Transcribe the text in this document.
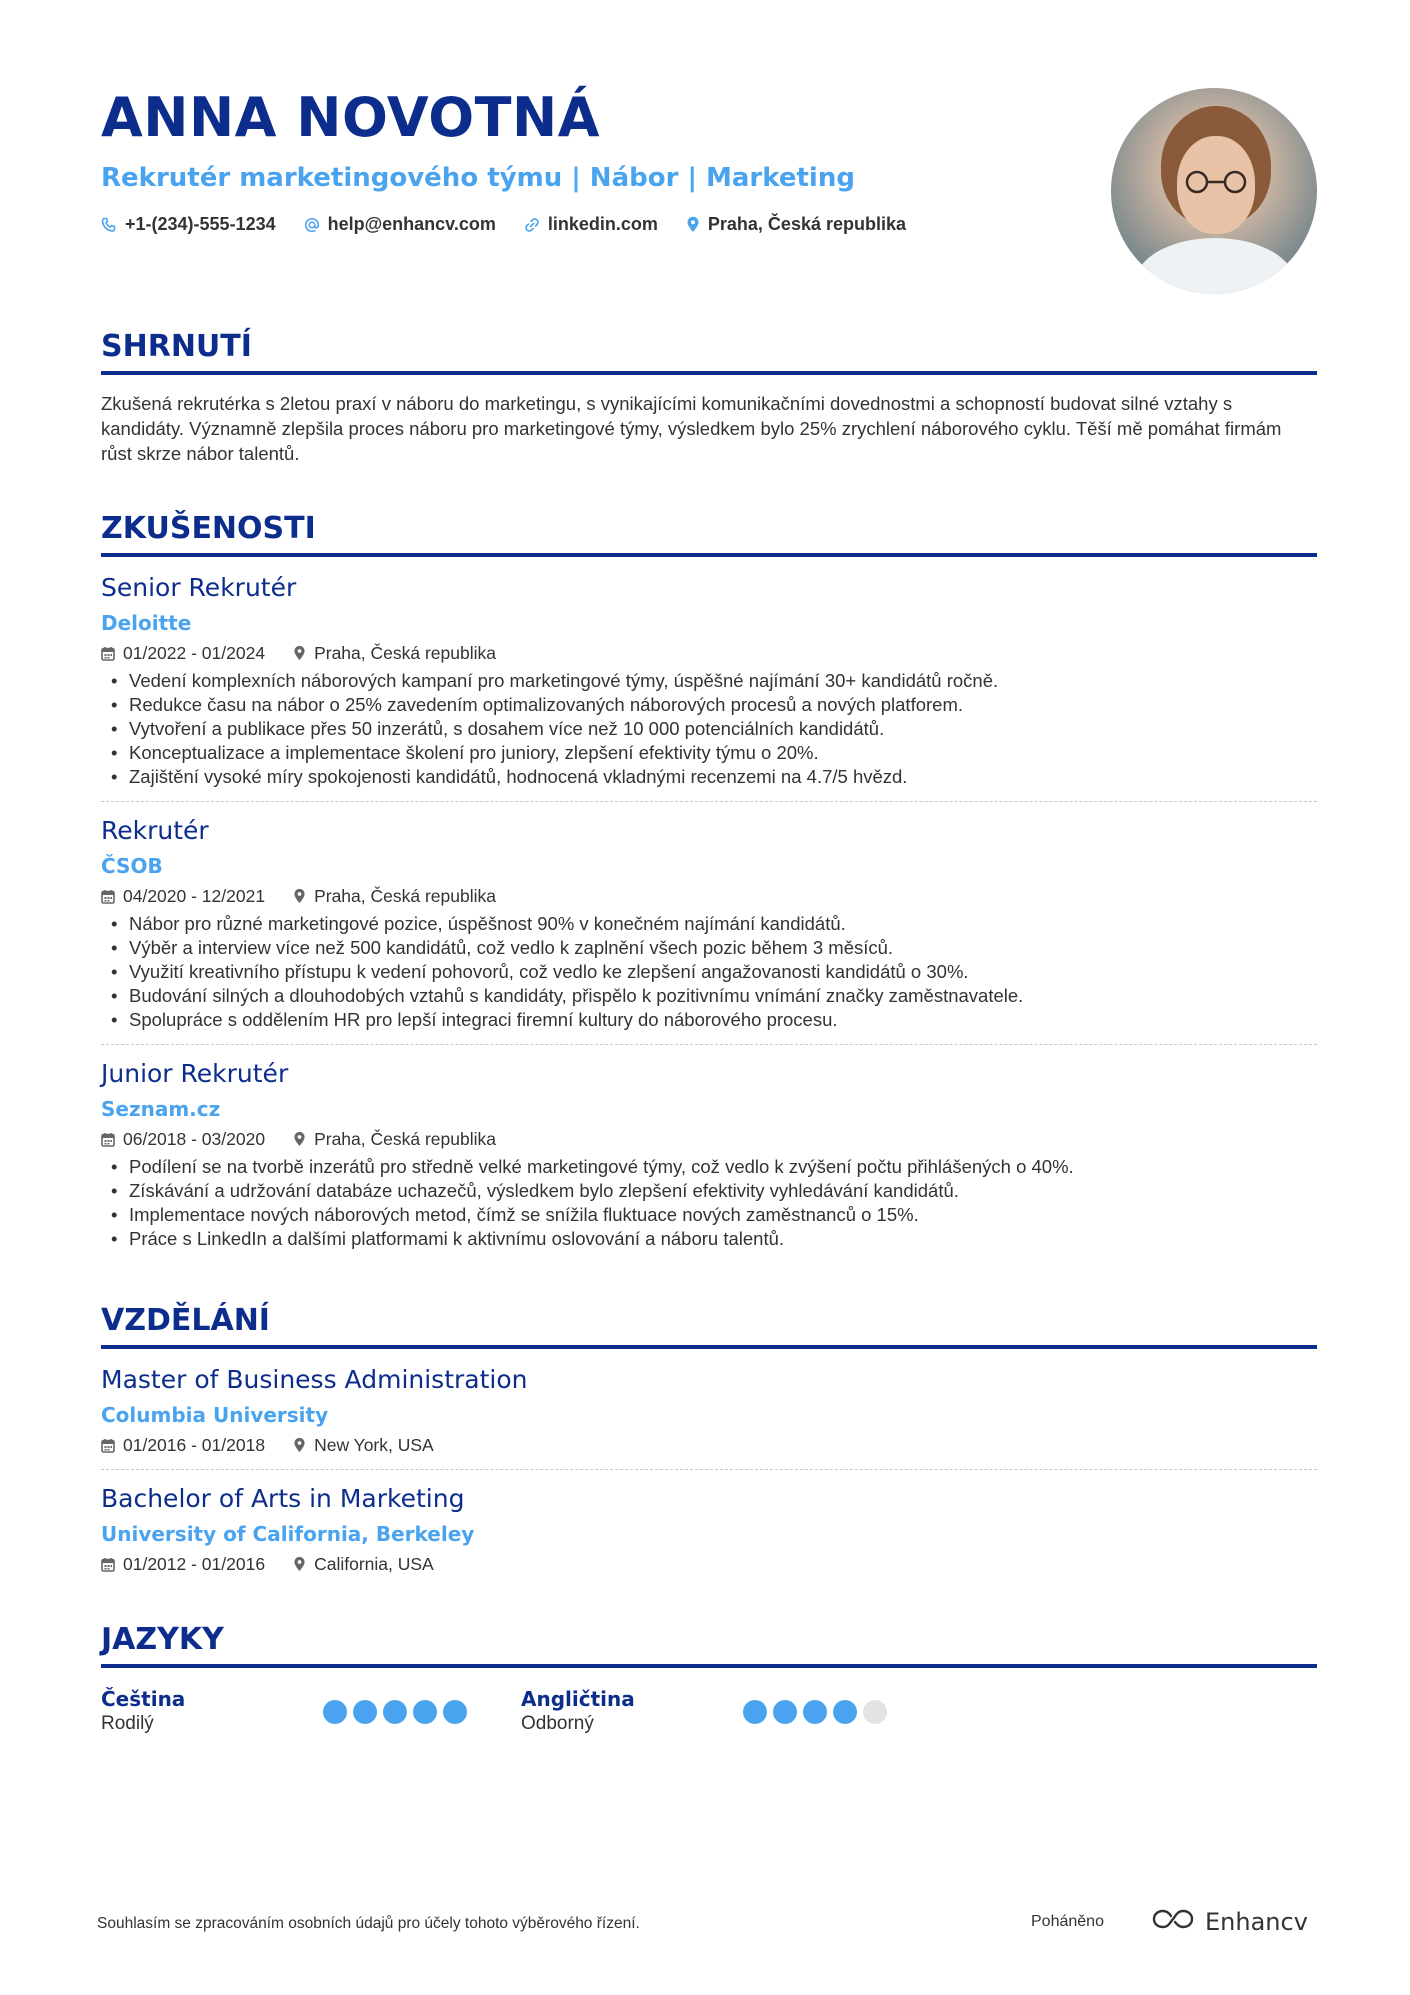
ANNA NOVOTNÁ
Rekrutér marketingového týmu | Nábor | Marketing
+1-(234)-555-1234	help@enhancv.com	linkedin.com	Praha, Česká republika
SHRNUTÍ
Zkušená rekrutérka s 2letou praxí v náboru do marketingu, s vynikajícími komunikačními dovednostmi a schopností budovat silné vztahy s kandidáty. Významně zlepšila proces náboru pro marketingové týmy, výsledkem bylo 25% zrychlení náborového cyklu. Těší mě pomáhat firmám růst skrze nábor talentů.
ZKUŠENOSTI
Senior Rekrutér
Deloitte
01/2022 - 01/2024	Praha, Česká republika
• Vedení komplexních náborových kampaní pro marketingové týmy, úspěšné najímání 30+ kandidátů ročně.
• Redukce času na nábor o 25% zavedením optimalizovaných náborových procesů a nových platforem.
• Vytvoření a publikace přes 50 inzerátů, s dosahem více než 10 000 potenciálních kandidátů.
• Konceptualizace a implementace školení pro juniory, zlepšení efektivity týmu o 20%.
• Zajištění vysoké míry spokojenosti kandidátů, hodnocená vkladnými recenzemi na 4.7/5 hvězd.
Rekrutér
ČSOB
04/2020 - 12/2021	Praha, Česká republika
• Nábor pro různé marketingové pozice, úspěšnost 90% v konečném najímání kandidátů.
• Výběr a interview více než 500 kandidátů, což vedlo k zaplnění všech pozic během 3 měsíců.
• Využití kreativního přístupu k vedení pohovorů, což vedlo ke zlepšení angažovanosti kandidátů o 30%.
• Budování silných a dlouhodobých vztahů s kandidáty, přispělo k pozitivnímu vnímání značky zaměstnavatele.
• Spolupráce s oddělením HR pro lepší integraci firemní kultury do náborového procesu.
Junior Rekrutér
Seznam.cz
06/2018 - 03/2020	Praha, Česká republika
• Podílení se na tvorbě inzerátů pro středně velké marketingové týmy, což vedlo k zvýšení počtu přihlášených o 40%.
• Získávání a udržování databáze uchazečů, výsledkem bylo zlepšení efektivity vyhledávání kandidátů.
• Implementace nových náborových metod, čímž se snížila fluktuace nových zaměstnanců o 15%.
• Práce s LinkedIn a dalšími platformami k aktivnímu oslovování a náboru talentů.
VZDĚLÁNÍ
Master of Business Administration
Columbia University
01/2016 - 01/2018	New York, USA
Bachelor of Arts in Marketing
University of California, Berkeley
01/2012 - 01/2016	California, USA
JAZYKY
Čeština
Rodilý
Angličtina
Odborný
Souhlasím se zpracováním osobních údajů pro účely tohoto výběrového řízení.	Poháněno	Enhancv
